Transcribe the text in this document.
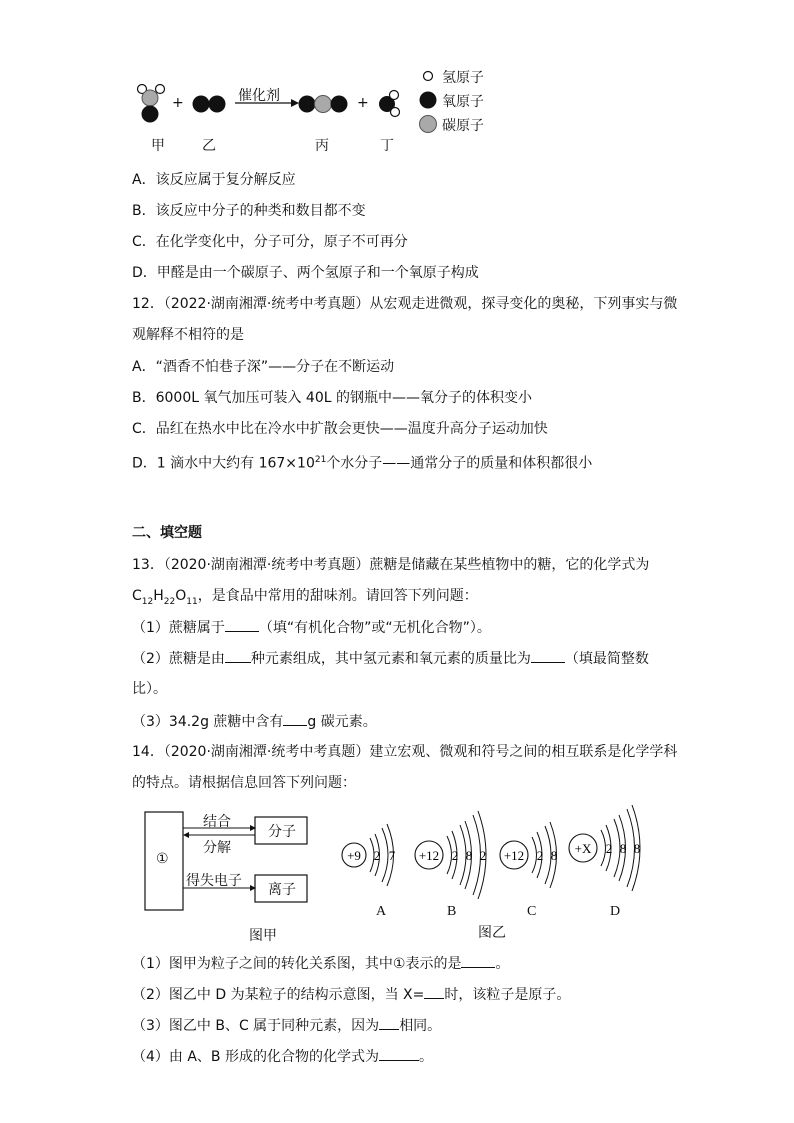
+	+
催化剂
甲	乙	丙	丁
氢原子
氧原子
碳原子
A．该反应属于复分解反应
B．该反应中分子的种类和数目都不变
C．在化学变化中，分子可分，原子不可再分
D．甲醛是由一个碳原子、两个氢原子和一个氧原子构成
12．（2022·湖南湘潭·统考中考真题）从宏观走进微观，探寻变化的奥秘，下列事实与微
观解释不相符的是
A．“酒香不怕巷子深”——分子在不断运动
B．6000L 氧气加压可装入 40L 的钢瓶中——氧分子的体积变小
C．品红在热水中比在冷水中扩散会更快——温度升高分子运动加快
D．1 滴水中大约有 $167\times 10^{21}$个水分子——通常分子的质量和体积都很小
二、填空题
13．（2020·湖南湘潭·统考中考真题）蔗糖是储藏在某些植物中的糖，它的化学式为
$C_{12}H_{22}O_{11}$，是食品中常用的甜味剂。请回答下列问题：
（1）蔗糖属于 （填“有机化合物”或“无机化合物”）。
（2）蔗糖是由 种元素组成，其中氢元素和氧元素的质量比为 （填最简整数
比）。
（3）34.2g 蔗糖中含有 g 碳元素。
14．（2020·湖南湘潭·统考中考真题）建立宏观、微观和符号之间的相互联系是化学学科
的特点。请根据信息回答下列问题：
①
结合
分解
分子
得失电子
离子
图甲
+9 2 7 +12 2 8 2 +12 2 8 +X 2 8 8
A	B	C	D
图乙
（1）图甲为粒子之间的转化关系图，其中①表示的是 。
（2）图乙中 D 为某粒子的结构示意图，当 X= 时，该粒子是原子。
（3）图乙中 B、C 属于同种元素，因为 相同。
（4）由 A、B 形成的化合物的化学式为	。
